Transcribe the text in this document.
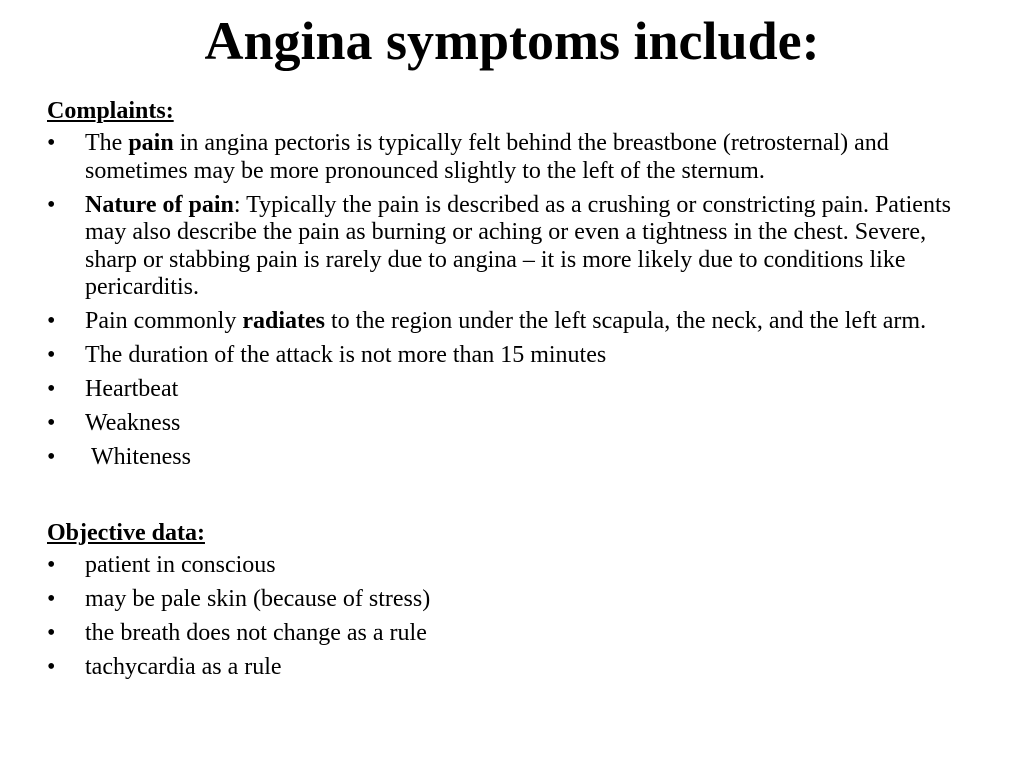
Angina symptoms include:
Complaints:
• The pain in angina pectoris is typically felt behind the breastbone (retrosternal) and sometimes may be more pronounced slightly to the left of the sternum.
• Nature of pain: Typically the pain is described as a crushing or constricting pain. Patients may also describe the pain as burning or aching or even a tightness in the chest. Severe, sharp or stabbing pain is rarely due to angina – it is more likely due to conditions like pericarditis.
• Pain commonly radiates to the region under the left scapula, the neck, and the left arm.
• The duration of the attack is not more than 15 minutes
• Heartbeat
• Weakness
• Whiteness
Objective data:
• patient in conscious
• may be pale skin (because of stress)
• the breath does not change as a rule
• tachycardia as a rule
